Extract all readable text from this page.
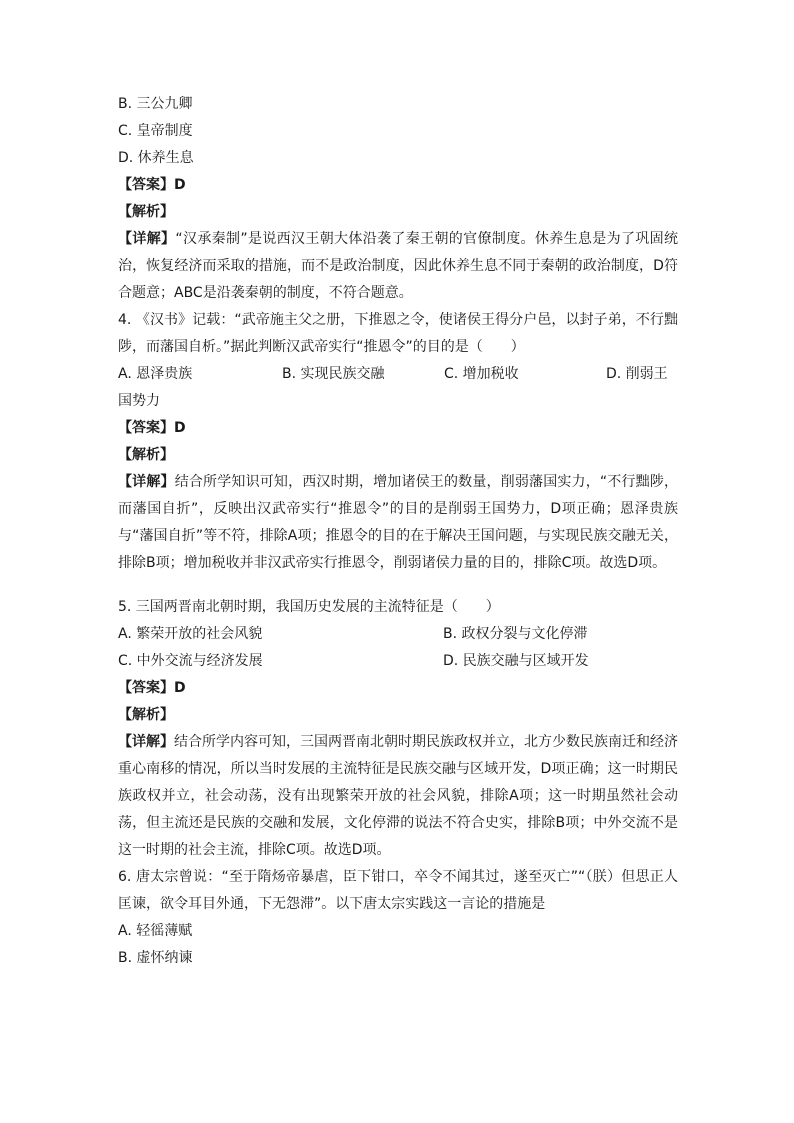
B. 三公九卿
C. 皇帝制度
D. 休养生息
【答案】D
【解析】
【详解】“汉承秦制”是说西汉王朝大体沿袭了秦王朝的官僚制度。休养生息是为了巩固统治，恢复经济而采取的措施，而不是政治制度，因此休养生息不同于秦朝的政治制度，D符合题意；ABC是沿袭秦朝的制度，不符合题意。
4. 《汉书》记载：“武帝施主父之册，下推恩之令，使诸侯王得分户邑，以封子弟，不行黜陟，而藩国自析。”据此判断汉武帝实行“推恩令”的目的是（　　）
A. 恩泽贵族	B. 实现民族交融	C. 增加税收	D. 削弱王
国势力
【答案】D
【解析】
【详解】结合所学知识可知，西汉时期，增加诸侯王的数量，削弱藩国实力，“不行黜陟，而藩国自折”，反映出汉武帝实行“推恩令”的目的是削弱王国势力，D项正确；恩泽贵族与“藩国自折”等不符，排除A项；推恩令的目的在于解决王国问题，与实现民族交融无关，排除B项；增加税收并非汉武帝实行推恩令，削弱诸侯力量的目的，排除C项。故选D项。
5. 三国两晋南北朝时期，我国历史发展的主流特征是（　　）
A. 繁荣开放的社会风貌	B. 政权分裂与文化停滞
C. 中外交流与经济发展	D. 民族交融与区域开发
【答案】D
【解析】
【详解】结合所学内容可知，三国两晋南北朝时期民族政权并立，北方少数民族南迁和经济重心南移的情况，所以当时发展的主流特征是民族交融与区域开发，D项正确；这一时期民族政权并立，社会动荡，没有出现繁荣开放的社会风貌，排除A项；这一时期虽然社会动荡，但主流还是民族的交融和发展，文化停滞的说法不符合史实，排除B项；中外交流不是这一时期的社会主流，排除C项。故选D项。
6. 唐太宗曾说：“至于隋炀帝暴虐，臣下钳口，卒令不闻其过，遂至灭亡”“（朕）但思正人匡谏，欲令耳目外通，下无怨滞”。以下唐太宗实践这一言论的措施是
A. 轻徭薄赋
B. 虚怀纳谏
